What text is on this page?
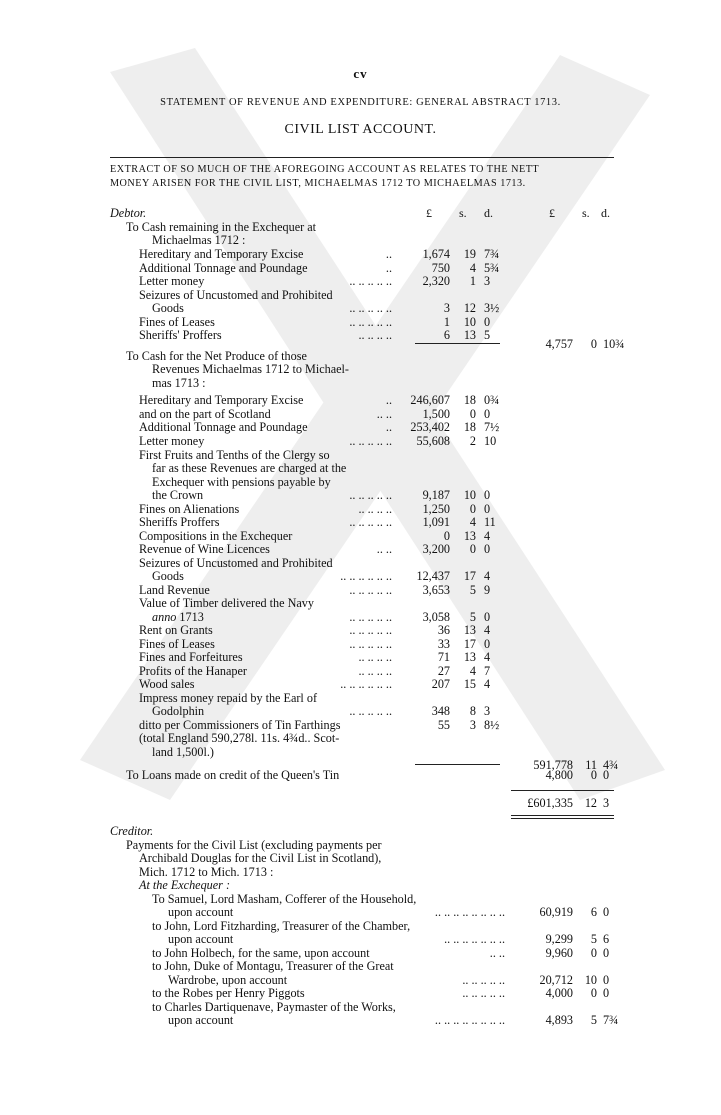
cv
STATEMENT OF REVENUE AND EXPENDITURE: GENERAL ABSTRACT 1713.
CIVIL LIST ACCOUNT.
EXTRACT OF SO MUCH OF THE AFOREGOING ACCOUNT AS RELATES TO THE NETT
MONEY ARISEN FOR THE CIVIL LIST, MICHAELMAS 1712 TO MICHAELMAS 1713.
£ s. d.	£ s. d.
Debtor.
To Cash remaining in the Exchequer at
Michaelmas 1712 :
Hereditary and Temporary Excise	..	1,674 19 7¾
Additional Tonnage and Poundage	..	750 4 5¾
Letter money	.. .. .. .. ..	2,320 1 3
Seizures of Uncustomed and Prohibited
Goods	.. .. .. .. ..	3 12 3½
Fines of Leases	.. .. .. .. ..	1 10 0
Sheriffs' Proffers	.. .. .. ..	6 13 5
4,757 0 10¾
To Cash for the Net Produce of those
Revenues Michaelmas 1712 to Michael-
mas 1713 :
Hereditary and Temporary Excise	.. 246,607 18 0¾
and on the part of Scotland	.. ..	1,500 0 0
Additional Tonnage and Poundage	.. 253,402 18 7½
Letter money	.. .. .. .. .. 55,608 2 10
First Fruits and Tenths of the Clergy so
far as these Revenues are charged at the
Exchequer with pensions payable by
the Crown	.. .. .. .. ..	9,187 10 0
Fines on Alienations	.. .. .. ..	1,250 0 0
Sheriffs Proffers	.. .. .. .. ..	1,091 4 11
Compositions in the Exchequer	0 13 4
Revenue of Wine Licences	.. ..	3,200 0 0
Seizures of Uncustomed and Prohibited
Goods	.. .. .. .. .. .. 12,437 17 4
Land Revenue	.. .. .. .. ..	3,653 5 9
Value of Timber delivered the Navy
anno 1713	.. .. .. .. ..	3,058 5 0
Rent on Grants	.. .. .. .. ..	36 13 4
Fines of Leases	.. .. .. .. ..	33 17 0
Fines and Forfeitures	.. .. .. ..	71 13 4
Profits of the Hanaper	.. .. .. ..	27 4 7
Wood sales	.. .. .. .. .. ..	207 15 4
Impress money repaid by the Earl of
Godolphin	.. .. .. .. ..	348 8 3
ditto per Commissioners of Tin Farthings	55 3 8½
(total England 590,278l. 11s. 4¾d.. Scot-
land 1,500l.)
591,778 11 4¾
To Loans made on credit of the Queen's Tin	4,800 0 0
£601,335 12 3
Creditor.
Payments for the Civil List (excluding payments per
Archibald Douglas for the Civil List in Scotland),
Mich. 1712 to Mich. 1713 :
At the Exchequer :
To Samuel, Lord Masham, Cofferer of the Household,
upon account	.. .. .. .. .. .. .. ..	60,919 6 0
to John, Lord Fitzharding, Treasurer of the Chamber,
upon account	.. .. .. .. .. .. ..	9,299 5 6
to John Holbech, for the same, upon account	.. ..	9,960 0 0
to John, Duke of Montagu, Treasurer of the Great
Wardrobe, upon account	.. .. .. .. ..	20,712 10 0
to the Robes per Henry Piggots	.. .. .. .. ..	4,000 0 0
to Charles Dartiquenave, Paymaster of the Works,
upon account	.. .. .. .. .. .. .. ..	4,893 5 7¾
